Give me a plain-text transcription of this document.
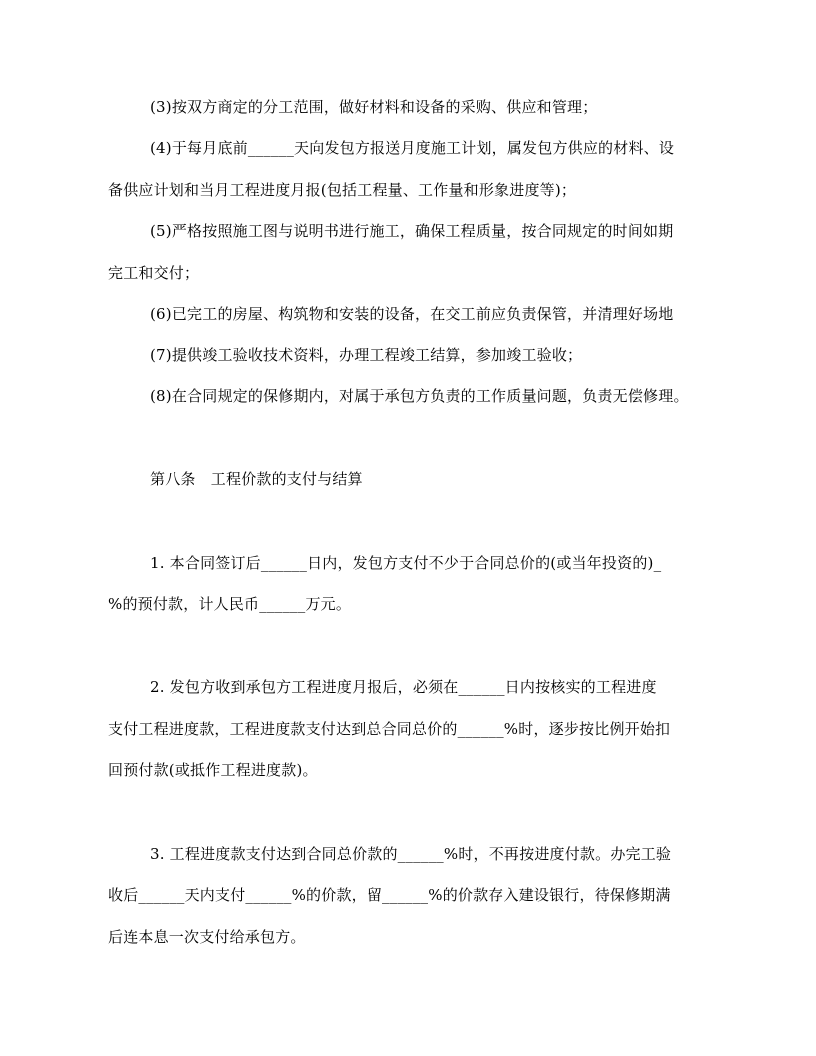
(3)按双方商定的分工范围，做好材料和设备的采购、供应和管理；
(4)于每月底前______天向发包方报送月度施工计划，属发包方供应的材料、设
备供应计划和当月工程进度月报(包括工程量、工作量和形象进度等)；
(5)严格按照施工图与说明书进行施工，确保工程质量，按合同规定的时间如期
完工和交付；
(6)已完工的房屋、构筑物和安装的设备，在交工前应负责保管，并清理好场地
(7)提供竣工验收技术资料，办理工程竣工结算，参加竣工验收；
(8)在合同规定的保修期内，对属于承包方负责的工作质量问题，负责无偿修理。
第八条　工程价款的支付与结算
1. 本合同签订后______日内，发包方支付不少于合同总价的(或当年投资的)_
%的预付款，计人民币______万元。
2. 发包方收到承包方工程进度月报后，必须在______日内按核实的工程进度
支付工程进度款，工程进度款支付达到总合同总价的______%时，逐步按比例开始扣
回预付款(或抵作工程进度款)。
3. 工程进度款支付达到合同总价款的______%时，不再按进度付款。办完工验
收后______天内支付______%的价款，留______%的价款存入建设银行，待保修期满
后连本息一次支付给承包方。
